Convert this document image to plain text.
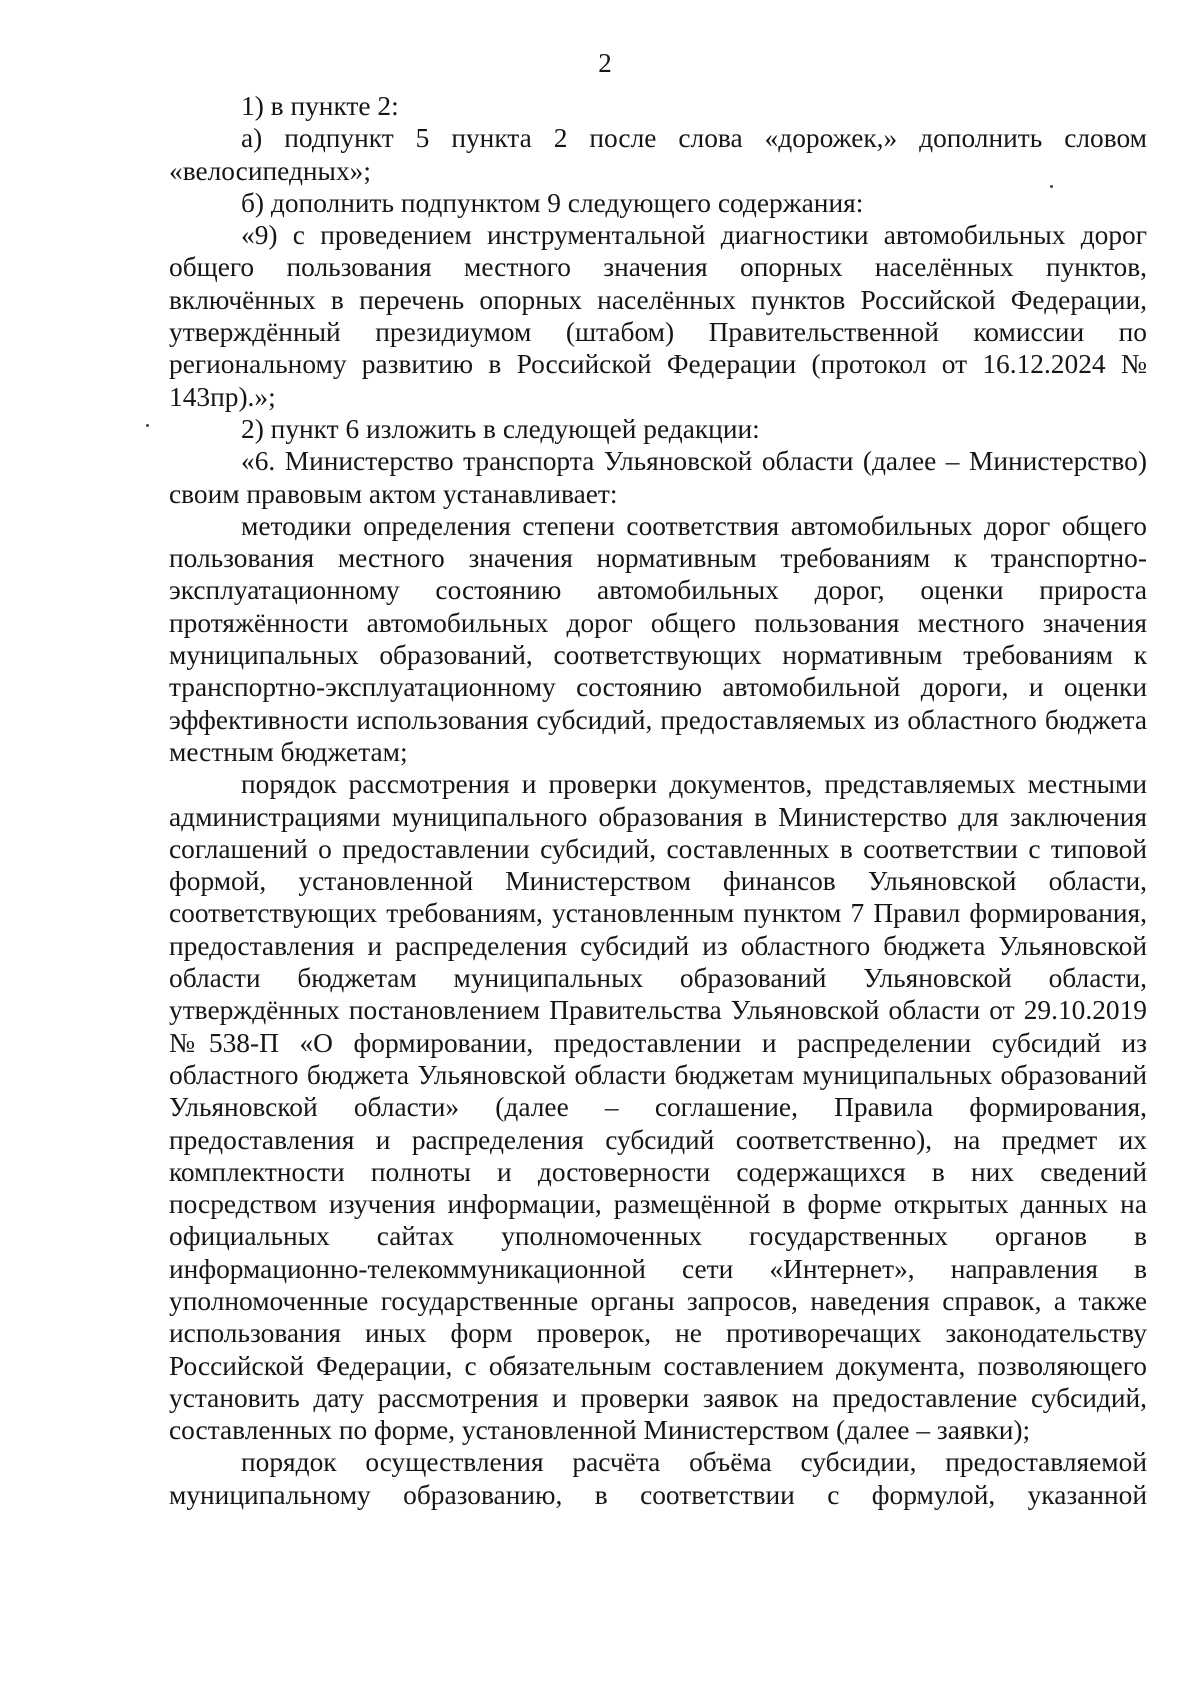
2

1) в пункте 2:

а) подпункт 5 пункта 2 после слова «дорожек,» дополнить словом «велосипедных»;

б) дополнить подпунктом 9 следующего содержания:

«9) с проведением инструментальной диагностики автомобильных дорог общего пользования местного значения опорных населённых пунктов, включённых в перечень опорных населённых пунктов Российской Федерации, утверждённый президиумом (штабом) Правительственной комиссии по региональному развитию в Российской Федерации (протокол от 16.12.2024 № 143пр).»;

2) пункт 6 изложить в следующей редакции:

«6. Министерство транспорта Ульяновской области (далее – Министерство) своим правовым актом устанавливает:

методики определения степени соответствия автомобильных дорог общего пользования местного значения нормативным требованиям к транспортно-эксплуатационному состоянию автомобильных дорог, оценки прироста протяжённости автомобильных дорог общего пользования местного значения муниципальных образований, соответствующих нормативным требованиям к транспортно-эксплуатационному состоянию автомобильной дороги, и оценки эффективности использования субсидий, предоставляемых из областного бюджета местным бюджетам;

порядок рассмотрения и проверки документов, представляемых местными администрациями муниципального образования в Министерство для заключения соглашений о предоставлении субсидий, составленных в соответствии с типовой формой, установленной Министерством финансов Ульяновской области, соответствующих требованиям, установленным пунктом 7 Правил формирования, предоставления и распределения субсидий из областного бюджета Ульяновской области бюджетам муниципальных образований Ульяновской области, утверждённых постановлением Правительства Ульяновской области от 29.10.2019 №538-П «О формировании, предоставлении и распределении субсидий из областного бюджета Ульяновской области бюджетам муниципальных образований Ульяновской области» (далее – соглашение, Правила формирования, предоставления и распределения субсидий соответственно), на предмет их комплектности полноты и достоверности содержащихся в них сведений посредством изучения информации, размещённой в форме открытых данных на официальных сайтах уполномоченных государственных органов в информационно-телекоммуникационной сети «Интернет», направления в уполномоченные государственные органы запросов, наведения справок, а также использования иных форм проверок, не противоречащих законодательству Российской Федерации, с обязательным составлением документа, позволяющего установить дату рассмотрения и проверки заявок на предоставление субсидий, составленных по форме, установленной Министерством (далее – заявки);

порядок осуществления расчёта объёма субсидии, предоставляемой муниципальному образованию, в соответствии с формулой, указанной
